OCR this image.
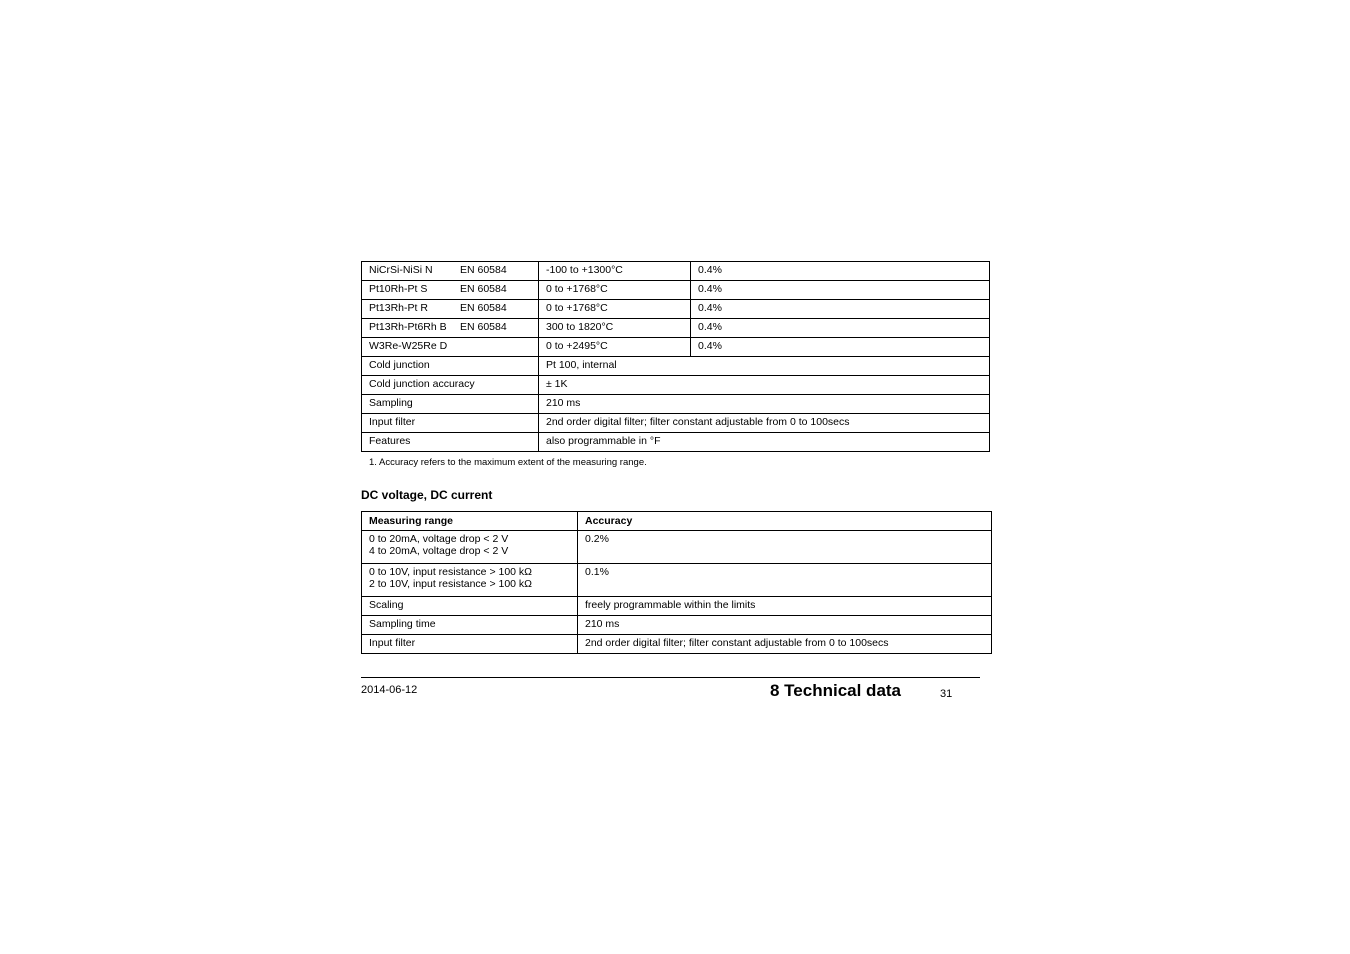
NiCrSi-NiSi N EN 60584	-100 to +1300°C	0.4%
Pt10Rh-Pt S EN 60584	0 to +1768°C	0.4%
Pt13Rh-Pt R EN 60584	0 to +1768°C	0.4%
Pt13Rh-Pt6Rh B EN 60584	300 to 1820°C	0.4%
W3Re-W25Re D	0 to +2495°C	0.4%
Cold junction	Pt 100, internal	
Cold junction accuracy	± 1K	
Sampling	210 ms	
Input filter	2nd order digital filter; filter constant adjustable from 0 to 100secs	
Features	also programmable in °F	
1. Accuracy refers to the maximum extent of the measuring range.
DC voltage, DC current
Measuring range	Accuracy

0 to 20mA, voltage drop < 2 V
4 to 20mA, voltage drop < 2 V	0.2%

0 to 10V, input resistance > 100 kΩ
2 to 10V, input resistance > 100 kΩ	0.1%
Scaling	freely programmable within the limits
Sampling time	210 ms
Input filter	2nd order digital filter; filter constant adjustable from 0 to 100secs
2014-06-12	8 Technical data	31
